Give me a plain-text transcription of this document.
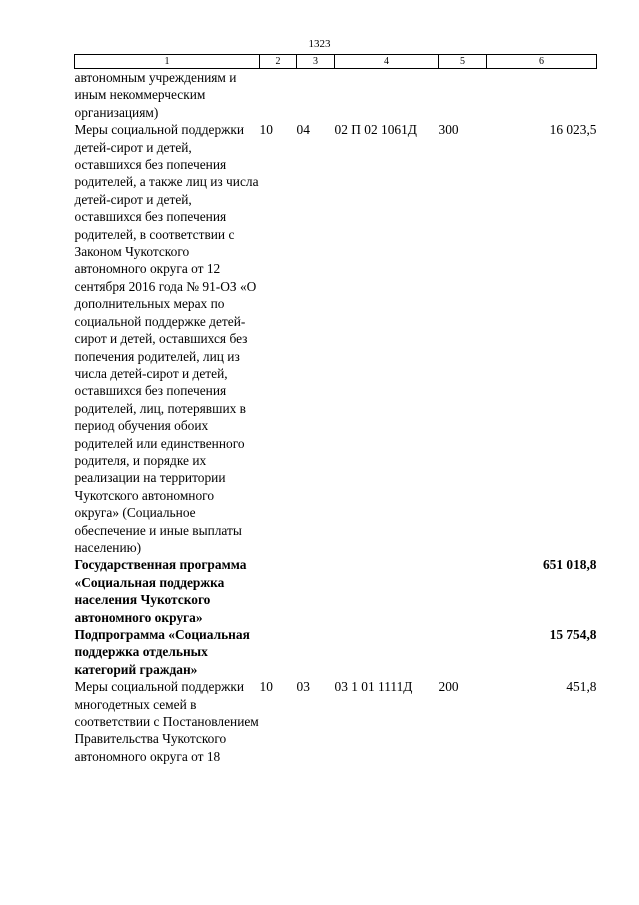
1323
1	2	3	4	5	6
автономным учреждениям и иным некоммерческим организациям)					
Меры социальной поддержки детей-сирот и детей, оставшихся без попечения родителей, а также лиц из числа детей-сирот и детей, оставшихся без попечения родителей, в соответствии с Законом Чукотского автономного округа от 12 сентября 2016 года № 91-ОЗ «О дополнительных мерах по социальной поддержке детей-сирот и детей, оставшихся без попечения родителей, лиц из числа детей-сирот и детей, оставшихся без попечения родителей, лиц, потерявших в период обучения обоих родителей или единственного родителя, и порядке их реализации на территории Чукотского автономного округа» (Социальное обеспечение и иные выплаты населению)	10	04	02 П 02 1061Д	300	16 023,5
Государственная программа «Социальная поддержка населения Чукотского автономного округа»					651 018,8
Подпрограмма «Социальная поддержка отдельных категорий граждан»					15 754,8
Меры социальной поддержки многодетных семей в соответствии с Постановлением Правительства Чукотского автономного округа от 18	10	03	03 1 01 1111Д	200	451,8
